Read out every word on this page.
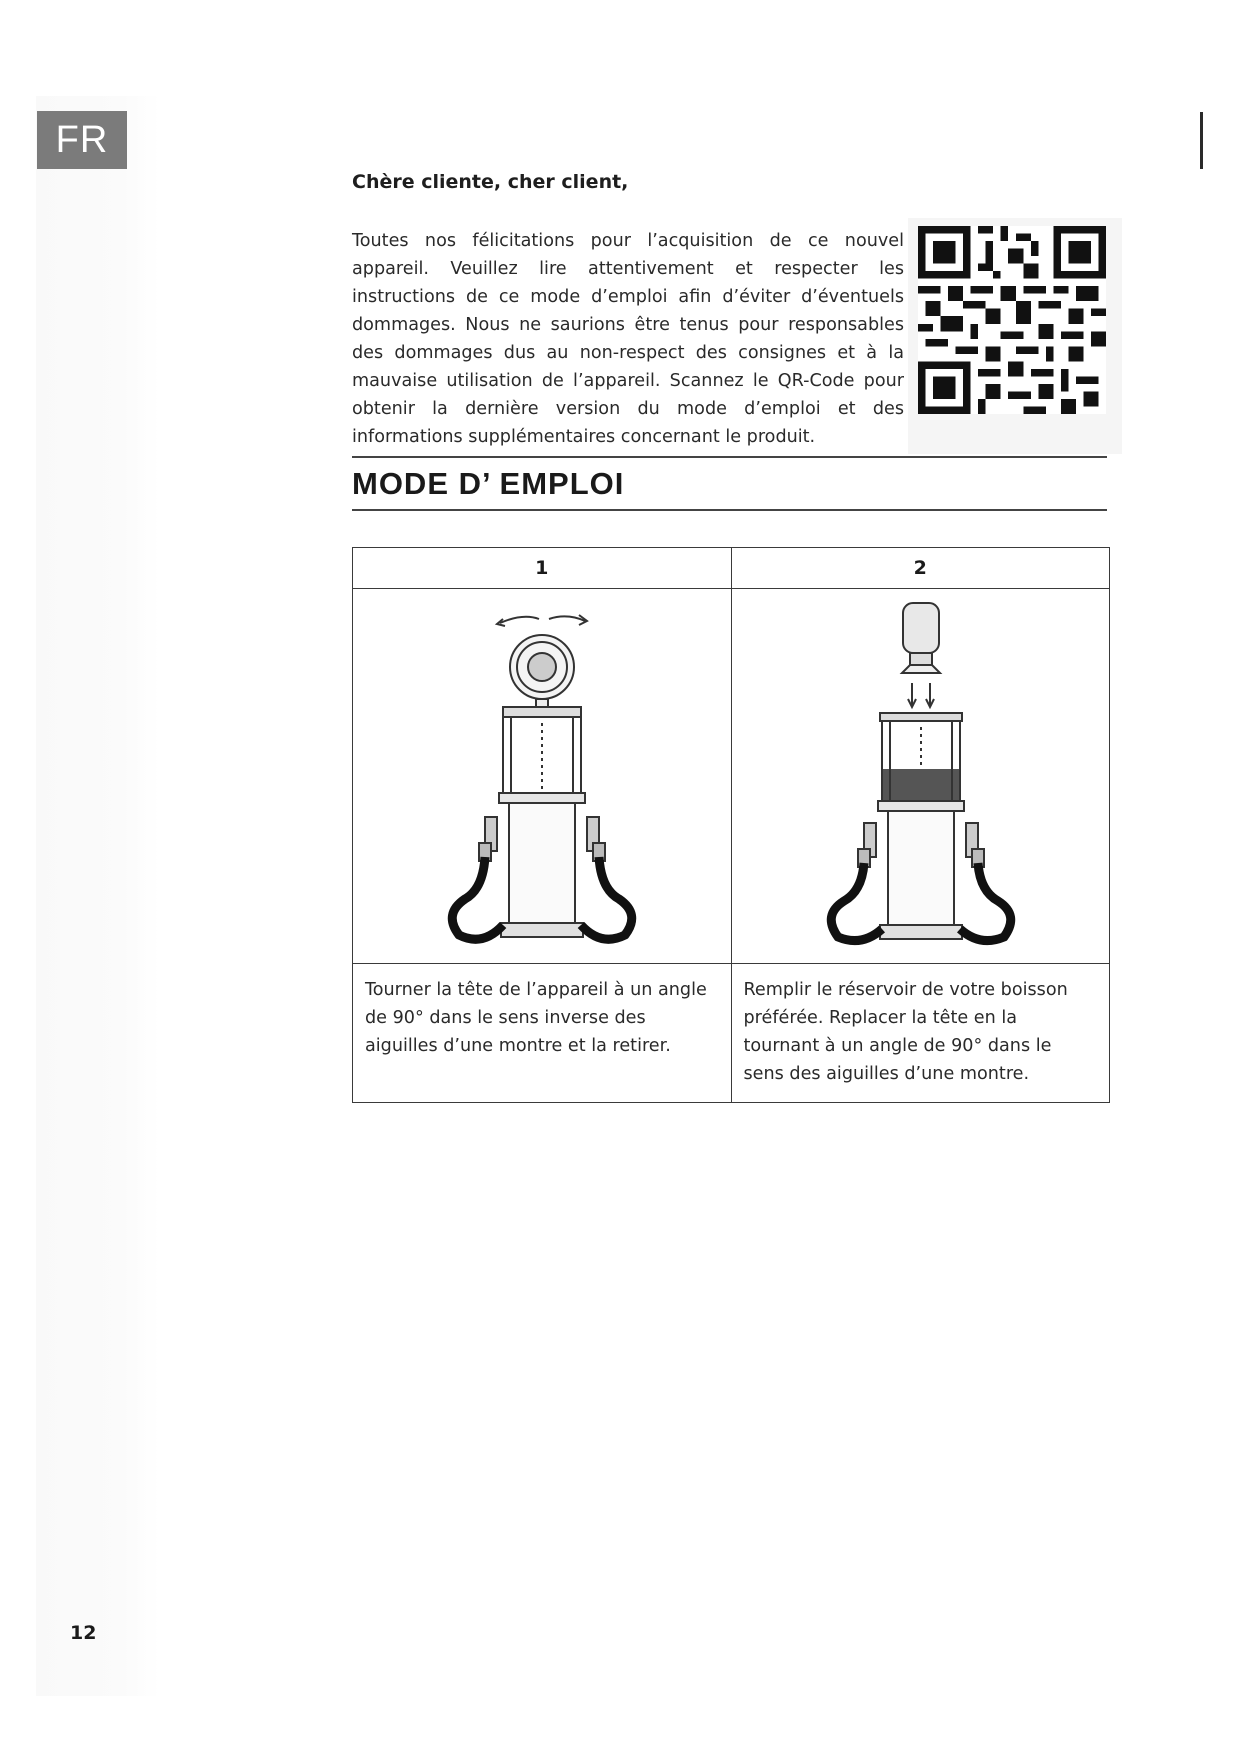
FR
Chère cliente, cher client,
Toutes nos félicitations pour l’acquisition de ce nouvel appareil. Veuillez lire attentivement et respecter les instructions de ce mode d’emploi afin d’éviter d’éventuels dommages. Nous ne saurions être tenus pour responsables des dommages dus au non-respect des consignes et à la mauvaise utilisation de l’appareil. Scannez le QR-Code pour obtenir la dernière version du mode d’emploi et des informations supplémentaires concernant le produit.
MODE D’ EMPLOI
1	2

Tourner la tête de l’appareil à un angle de 90° dans le sens inverse des aiguilles d’une montre et la retirer.	Remplir le réservoir de votre boisson préférée. Replacer la tête en la tournant à un angle de 90° dans le sens des aiguilles d’une montre.
12
